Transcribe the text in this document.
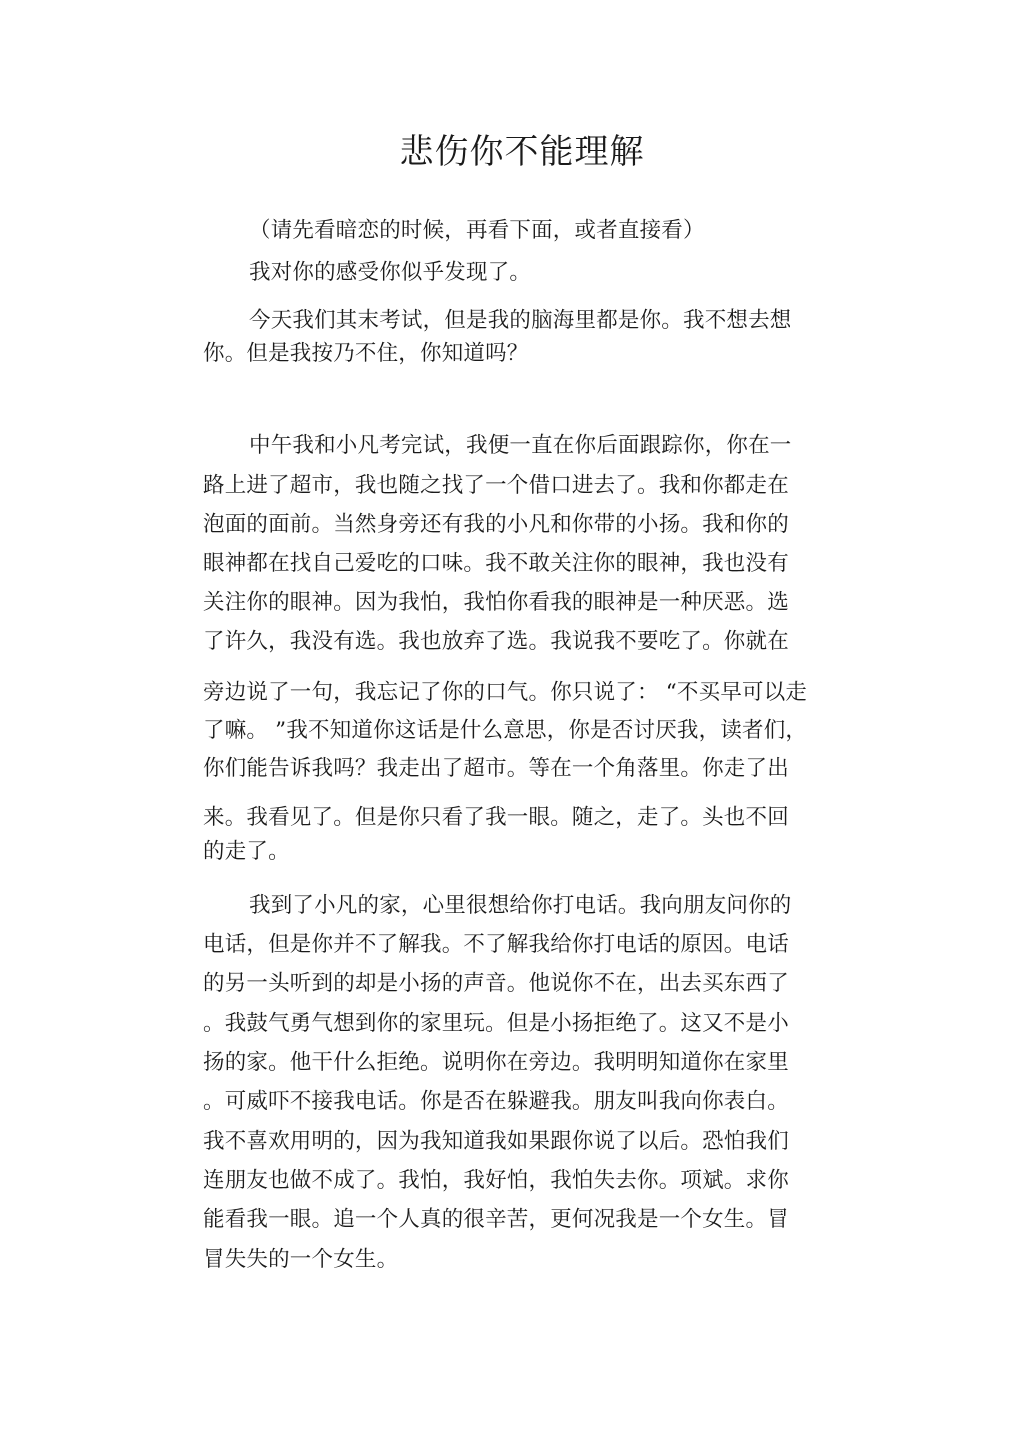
悲伤你不能理解

（请先看暗恋的时候，再看下面，或者直接看）

我对你的感受你似乎发现了。

今天我们其末考试，但是我的脑海里都是你。我不想去想

你。但是我按乃不住，你知道吗？

中午我和小凡考完试，我便一直在你后面跟踪你，你在一

路上进了超市，我也随之找了一个借口进去了。我和你都走在

泡面的面前。当然身旁还有我的小凡和你带的小扬。我和你的

眼神都在找自己爱吃的口味。我不敢关注你的眼神，我也没有

关注你的眼神。因为我怕，我怕你看我的眼神是一种厌恶。选

了许久，我没有选。我也放弃了选。我说我不要吃了。你就在

旁边说了一句，我忘记了你的口气。你只说了： “不买早可以走

了嘛。 ”我不知道你这话是什么意思，你是否讨厌我，读者们，

你们能告诉我吗？我走出了超市。等在一个角落里。你走了出

来。我看见了。但是你只看了我一眼。随之，走了。头也不回

的走了。

我到了小凡的家，心里很想给你打电话。我向朋友问你的

电话，但是你并不了解我。不了解我给你打电话的原因。电话

的另一头听到的却是小扬的声音。他说你不在，出去买东西了

。我鼓气勇气想到你的家里玩。但是小扬拒绝了。这又不是小

扬的家。他干什么拒绝。说明你在旁边。我明明知道你在家里

。可威吓不接我电话。你是否在躲避我。朋友叫我向你表白。

我不喜欢用明的，因为我知道我如果跟你说了以后。恐怕我们

连朋友也做不成了。我怕，我好怕，我怕失去你。项斌。求你

能看我一眼。追一个人真的很辛苦，更何况我是一个女生。冒

冒失失的一个女生。
